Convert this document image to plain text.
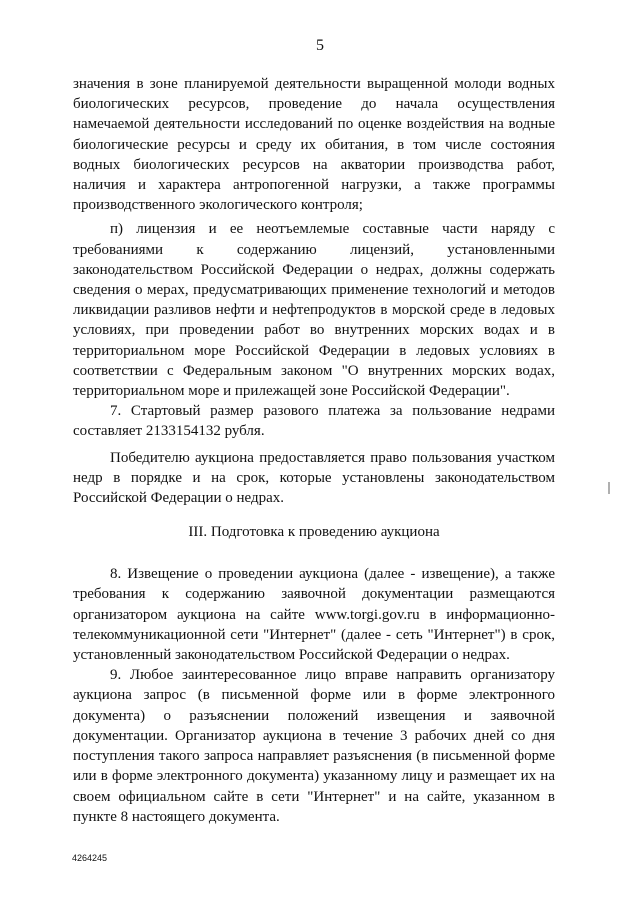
5

значения в зоне планируемой деятельности выращенной молоди водных биологических ресурсов, проведение до начала осуществления намечаемой деятельности исследований по оценке воздействия на водные биологические ресурсы и среду их обитания, в том числе состояния водных биологических ресурсов на акватории производства работ, наличия и характера антропогенной нагрузки, а также программы производственного экологического контроля;

п) лицензия и ее неотъемлемые составные части наряду с требованиями к содержанию лицензий, установленными законодательством Российской Федерации о недрах, должны содержать сведения о мерах, предусматривающих применение технологий и методов ликвидации разливов нефти и нефтепродуктов в морской среде в ледовых условиях, при проведении работ во внутренних морских водах и в территориальном море Российской Федерации в ледовых условиях в соответствии с Федеральным законом "О внутренних морских водах, территориальном море и прилежащей зоне Российской Федерации".

7. Стартовый размер разового платежа за пользование недрами составляет 2133154132 рубля.

Победителю аукциона предоставляется право пользования участком недр в порядке и на срок, которые установлены законодательством Российской Федерации о недрах.

III. Подготовка к проведению аукциона

8. Извещение о проведении аукциона (далее - извещение), а также требования к содержанию заявочной документации размещаются организатором аукциона на сайте www.torgi.gov.ru в информационно-телекоммуникационной сети "Интернет" (далее - сеть "Интернет") в срок, установленный законодательством Российской Федерации о недрах.

9. Любое заинтересованное лицо вправе направить организатору аукциона запрос (в письменной форме или в форме электронного документа) о разъяснении положений извещения и заявочной документации. Организатор аукциона в течение 3 рабочих дней со дня поступления такого запроса направляет разъяснения (в письменной форме или в форме электронного документа) указанному лицу и размещает их на своем официальном сайте в сети "Интернет" и на сайте, указанном в пункте 8 настоящего документа.

4264245
